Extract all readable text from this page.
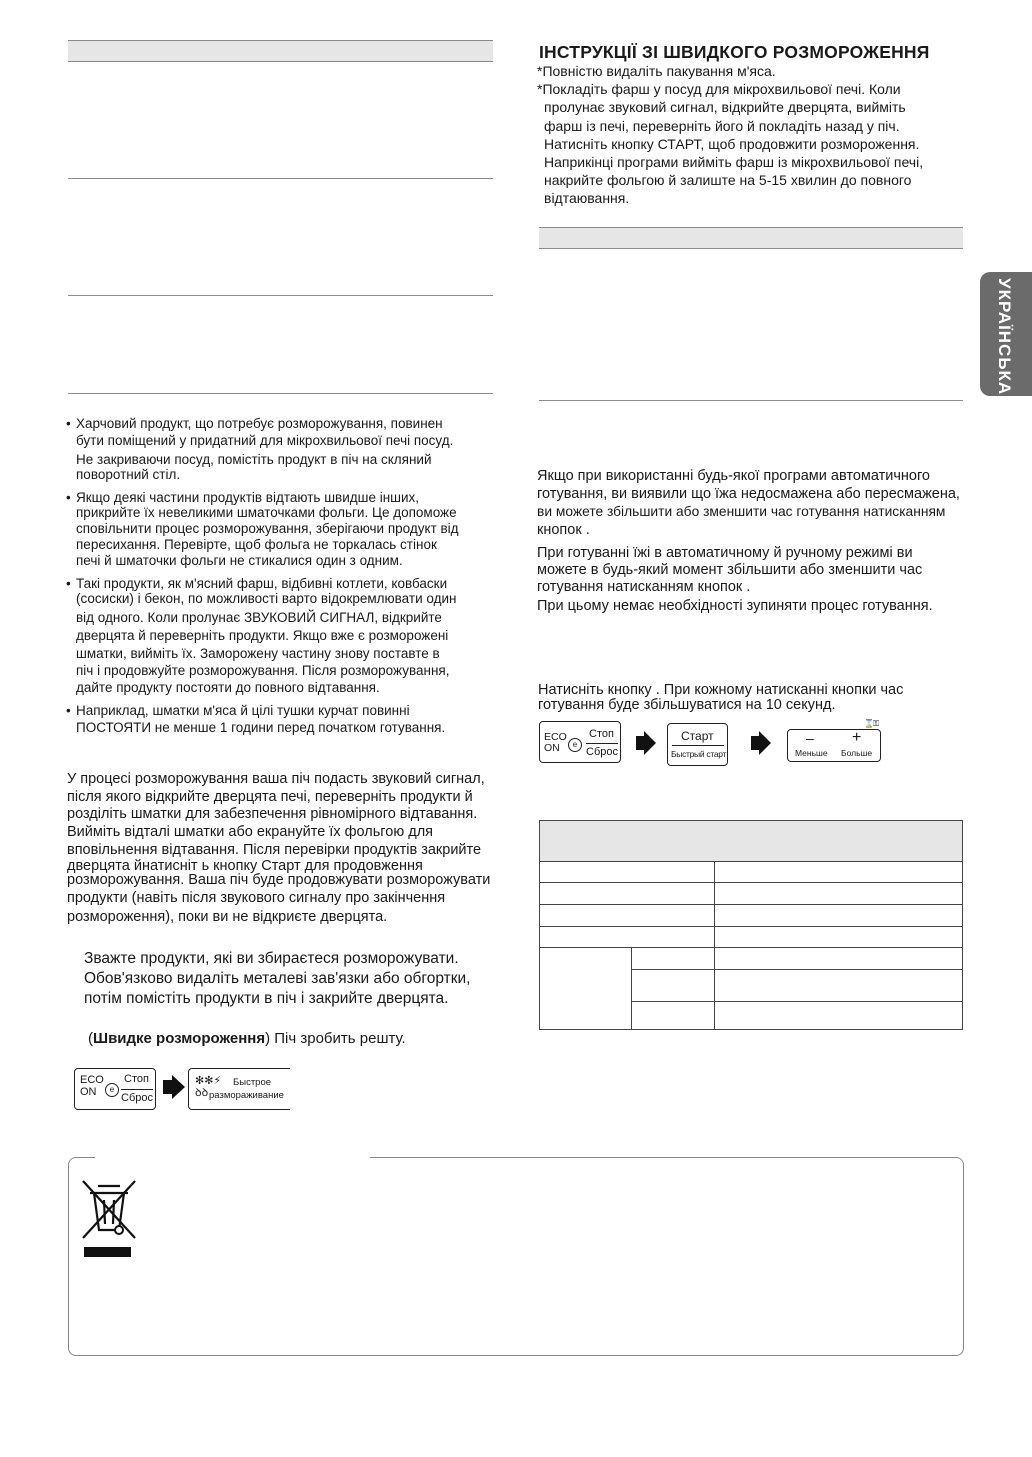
• Харчовий продукт, що потребує розморожування, повинен
бути поміщений у придатний для мікрохвильової печі посуд.
Не закриваючи посуд, помістіть продукт в піч на скляний
поворотний стіл.
• Якщо деякі частини продуктів відтають швидше інших,
прикрийте їх невеликими шматочками фольги. Це допоможе
сповільнити процес розморожування, зберігаючи продукт від
пересихання. Перевірте, щоб фольга не торкалась стінок
печі й шматочки фольги не стикалися один з одним.
• Такі продукти, як м'ясний фарш, відбивні котлети, ковбаски
(сосиски) і бекон, по можливості варто відокремлювати один
від одного. Коли пролунає ЗВУКОВИЙ СИГНАЛ, відкрийте
дверцята й переверніть продукти. Якщо вже є розморожені
шматки, вийміть їх. Заморожену частину знову поставте в
піч і продовжуйте розморожування. Після розморожування,
дайте продукту постояти до повного відтавання.
• Наприклад, шматки м'яса й цілі тушки курчат повинні
ПОСТОЯТИ не менше 1 години перед початком готування.
У процесі розморожування ваша піч подасть звуковий сигнал,
після якого відкрийте дверцята печі, переверніть продукти й
розділіть шматки для забезпечення рівномірного відтавання.
Вийміть відталі шматки або екрануйте їх фольгою для
вповільнення відтавання. Після перевірки продуктів закрийте
дверцята йнатисніт ь кнопку Старт для продовження
розморожування. Ваша піч буде продовжувати розморожувати
продукти (навіть після звукового сигналу про закінчення
розмороження), поки ви не відкриєте дверцята.
Зважте продукти, які ви збираєтеся розморожувати.
Обов'язково видаліть металеві зав'язки або обгортки,
потім помістіть продукти в піч і закрийте дверцята.
(Швидке розмороження) Піч зробить решту.
ECO
ON	e
Стоп
Сброс
✻✻⚡
ꝺꝺ
Быстрое
размораживание
ІНСТРУКЦІЇ ЗІ ШВИДКОГО РОЗМОРОЖЕННЯ
*Повністю видаліть пакування м'яса.
*Покладіть фарш у посуд для мікрохвильової печі. Коли
пролунає звуковий сигнал, відкрийте дверцята, вийміть
фарш із печі, переверніть його й покладіть назад у піч.
Натисніть кнопку СТАРТ, щоб продовжити розмороження.
Наприкінці програми вийміть фарш із мікрохвильової печі,
накрийте фольгою й залиште на 5-15 хвилин до повного
відтаювання.
Якщо при використанні будь-якої програми автоматичного
готування, ви виявили що їжа недосмажена або пересмажена,
ви можете збільшити або зменшити час готування натисканням
кнопок .
При готуванні їжі в автоматичному й ручному режимі ви
можете в будь-який момент збільшити або зменшити час
готування натисканням кнопок .
При цьому немає необхідності зупиняти процес готування.
Натисніть кнопку . При кожному натисканні кнопки час
готування буде збільшуватися на 10 секунд.
ECO
ON	e
Стоп
Сброс
Старт
Быстрый старт
– +
Меньше Больше
⌛⚿

УКРАЇНСЬКА
